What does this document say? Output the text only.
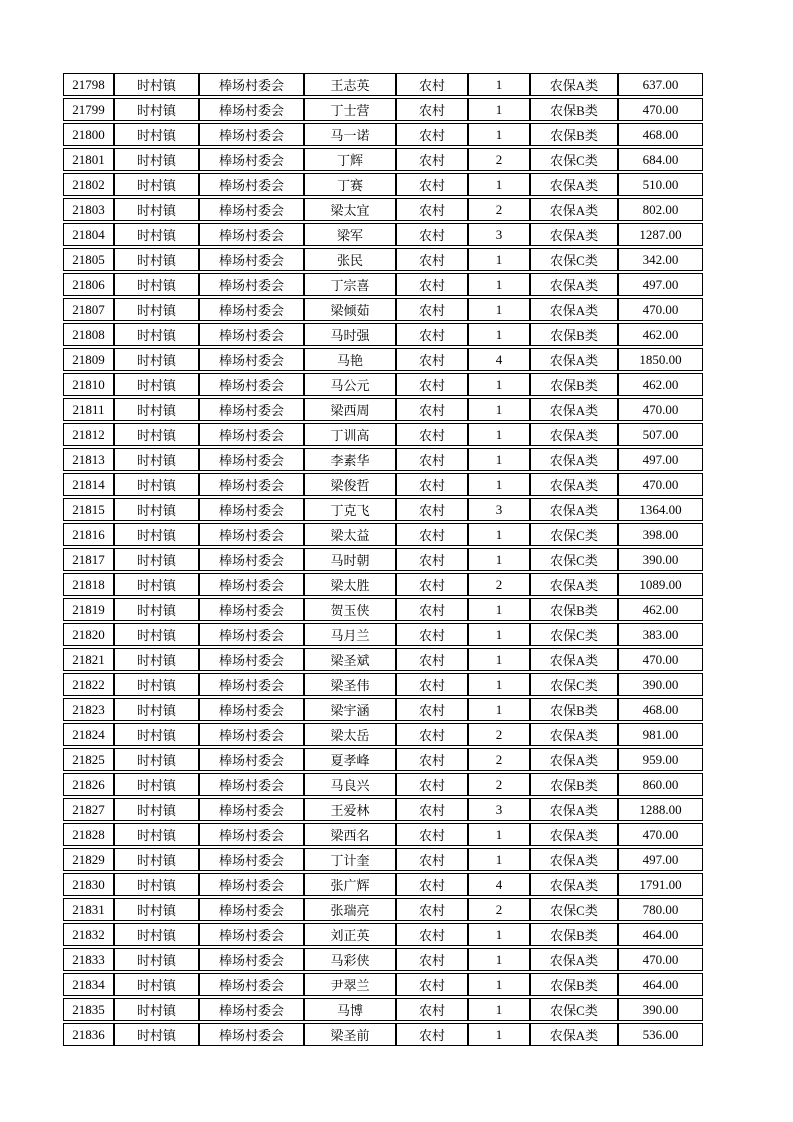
21798	时村镇	棒场村委会	王志英	农村	1	农保A类	637.00
21799	时村镇	棒场村委会	丁士营	农村	1	农保B类	470.00
21800	时村镇	棒场村委会	马一诺	农村	1	农保B类	468.00
21801	时村镇	棒场村委会	丁辉	农村	2	农保C类	684.00
21802	时村镇	棒场村委会	丁赛	农村	1	农保A类	510.00
21803	时村镇	棒场村委会	梁太宜	农村	2	农保A类	802.00
21804	时村镇	棒场村委会	梁军	农村	3	农保A类	1287.00
21805	时村镇	棒场村委会	张民	农村	1	农保C类	342.00
21806	时村镇	棒场村委会	丁宗喜	农村	1	农保A类	497.00
21807	时村镇	棒场村委会	梁倾茹	农村	1	农保A类	470.00
21808	时村镇	棒场村委会	马时强	农村	1	农保B类	462.00
21809	时村镇	棒场村委会	马艳	农村	4	农保A类	1850.00
21810	时村镇	棒场村委会	马公元	农村	1	农保B类	462.00
21811	时村镇	棒场村委会	梁西周	农村	1	农保A类	470.00
21812	时村镇	棒场村委会	丁训高	农村	1	农保A类	507.00
21813	时村镇	棒场村委会	李素华	农村	1	农保A类	497.00
21814	时村镇	棒场村委会	梁俊哲	农村	1	农保A类	470.00
21815	时村镇	棒场村委会	丁克飞	农村	3	农保A类	1364.00
21816	时村镇	棒场村委会	梁太益	农村	1	农保C类	398.00
21817	时村镇	棒场村委会	马时朝	农村	1	农保C类	390.00
21818	时村镇	棒场村委会	梁太胜	农村	2	农保A类	1089.00
21819	时村镇	棒场村委会	贺玉侠	农村	1	农保B类	462.00
21820	时村镇	棒场村委会	马月兰	农村	1	农保C类	383.00
21821	时村镇	棒场村委会	梁圣斌	农村	1	农保A类	470.00
21822	时村镇	棒场村委会	梁圣伟	农村	1	农保C类	390.00
21823	时村镇	棒场村委会	梁宇涵	农村	1	农保B类	468.00
21824	时村镇	棒场村委会	梁太岳	农村	2	农保A类	981.00
21825	时村镇	棒场村委会	夏孝峰	农村	2	农保A类	959.00
21826	时村镇	棒场村委会	马良兴	农村	2	农保B类	860.00
21827	时村镇	棒场村委会	王爱林	农村	3	农保A类	1288.00
21828	时村镇	棒场村委会	梁西名	农村	1	农保A类	470.00
21829	时村镇	棒场村委会	丁计奎	农村	1	农保A类	497.00
21830	时村镇	棒场村委会	张广辉	农村	4	农保A类	1791.00
21831	时村镇	棒场村委会	张瑞亮	农村	2	农保C类	780.00
21832	时村镇	棒场村委会	刘正英	农村	1	农保B类	464.00
21833	时村镇	棒场村委会	马彩侠	农村	1	农保A类	470.00
21834	时村镇	棒场村委会	尹翠兰	农村	1	农保B类	464.00
21835	时村镇	棒场村委会	马博	农村	1	农保C类	390.00
21836	时村镇	棒场村委会	梁圣前	农村	1	农保A类	536.00
